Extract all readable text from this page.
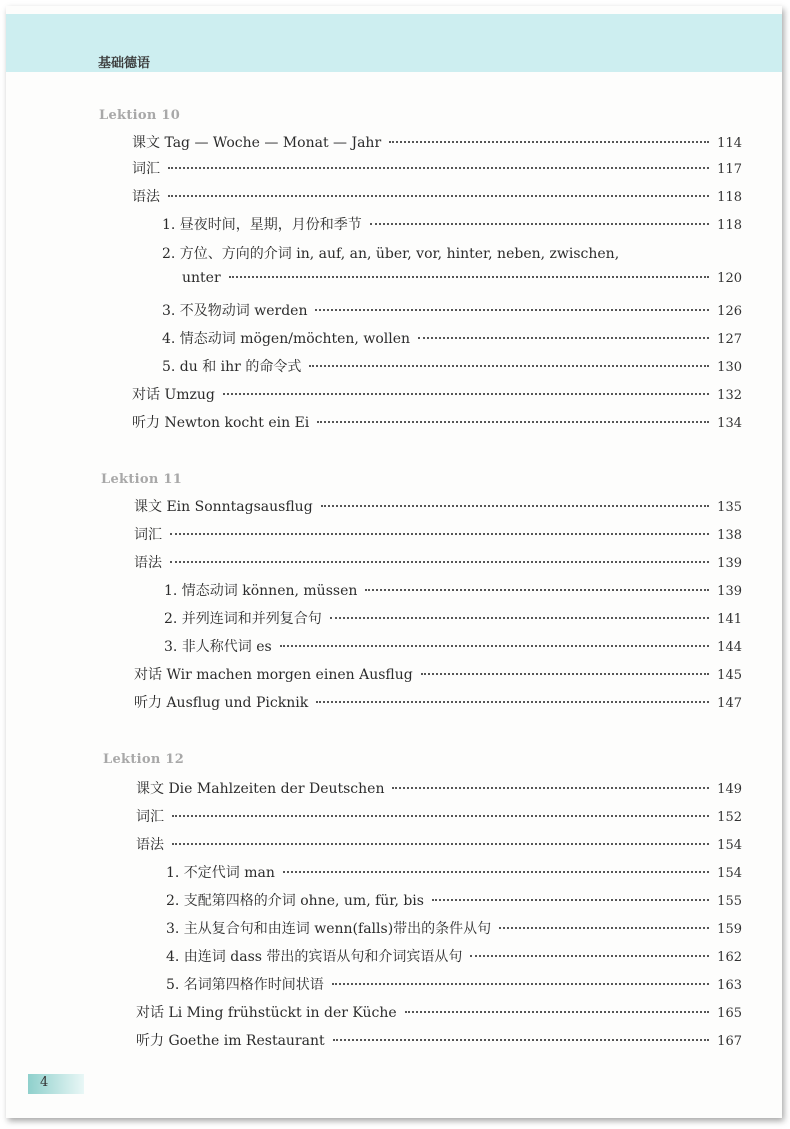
基础德语
Lektion 10
课文 Tag — Woche — Monat — Jahr	114
词汇	117
语法	118
1. 昼夜时间，星期，月份和季节	118
2. 方位、方向的介词 in, auf, an, über, vor, hinter, neben, zwischen,
unter	120
3. 不及物动词 werden	126
4. 情态动词 mögen/möchten, wollen	127
5. du 和 ihr 的命令式	130
对话 Umzug	132
听力 Newton kocht ein Ei	134
Lektion 11
课文 Ein Sonntagsausflug	135
词汇	138
语法	139
1. 情态动词 können, müssen	139
2. 并列连词和并列复合句	141
3. 非人称代词 es	144
对话 Wir machen morgen einen Ausflug	145
听力 Ausflug und Picknik	147
Lektion 12
课文 Die Mahlzeiten der Deutschen	149
词汇	152
语法	154
1. 不定代词 man	154
2. 支配第四格的介词 ohne, um, für, bis	155
3. 主从复合句和由连词 wenn(falls)带出的条件从句	159
4. 由连词 dass 带出的宾语从句和介词宾语从句	162
5. 名词第四格作时间状语	163
对话 Li Ming frühstückt in der Küche	165
听力 Goethe im Restaurant	167
4
